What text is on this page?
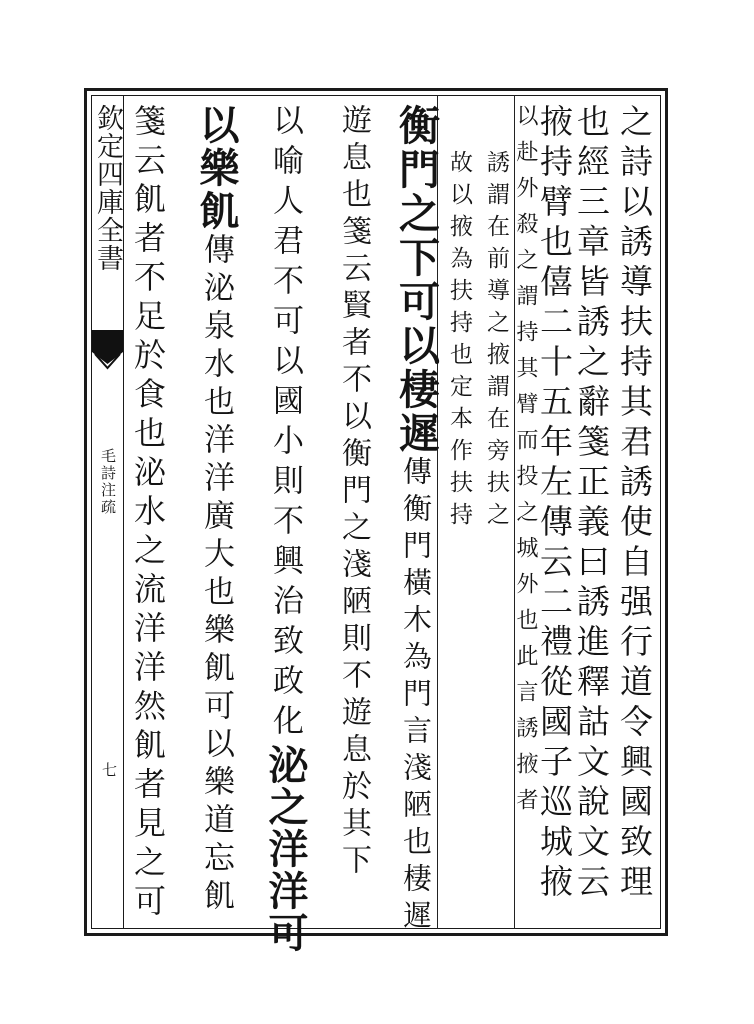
欽定四庫全書
毛詩注疏
七	之詩以誘導扶持其君誘使自强行道令興國致理
也經三章皆誘之辭箋正義曰誘進釋詁文說文云
掖持臂也僖二十五年左傳云二禮從國子巡城掖
以赴外殺之謂持其臂而投之城外也此言誘掖者
誘謂在前導之掖謂在旁扶之
故以掖為扶持也定本作扶持
衡門之下可以棲遲傳衡門橫木為門言淺陋也棲遲
遊息也箋云賢者不以衡門之淺陋則不遊息於其下
以喻人君不可以國小則不興治致政化泌之洋洋可
以樂飢傳泌泉水也洋洋廣大也樂飢可以樂道忘飢
箋云飢者不足於食也泌水之流洋洋然飢者見之可
